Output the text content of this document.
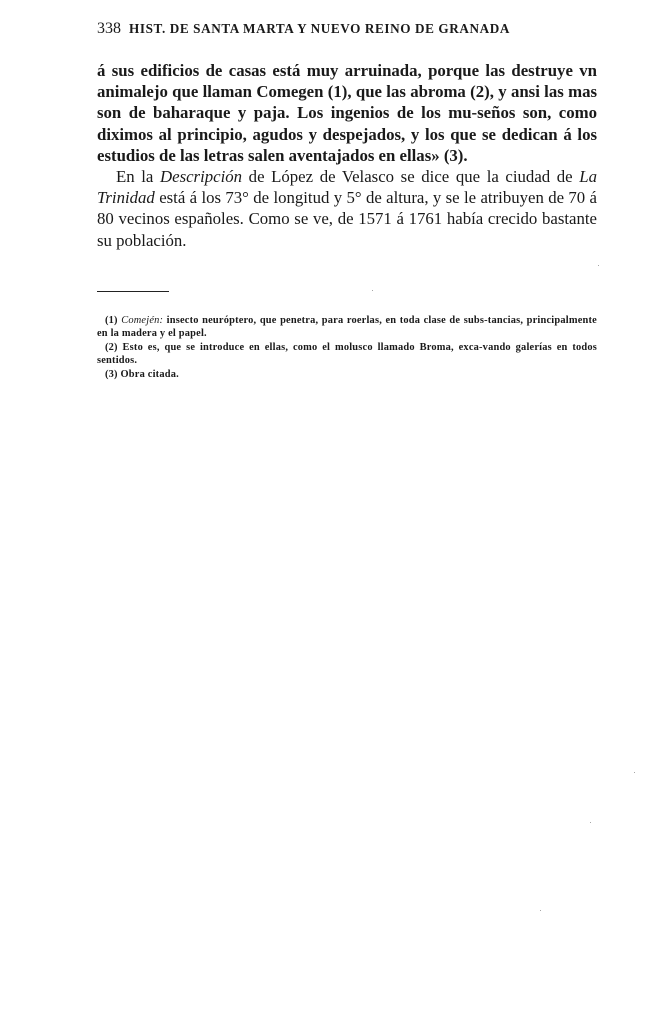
338 HIST. DE SANTA MARTA Y NUEVO REINO DE GRANADA

á sus edificios de casas está muy arruinada, porque las destruye vn animalejo que llaman Comegen (1), que las abroma (2), y ansi las mas son de baharaque y paja. Los ingenios de los mu-seños son, como diximos al principio, agudos y despejados, y los que se dedican á los estudios de las letras salen aventajados en ellas» (3).

En la Descripción de López de Velasco se dice que la ciudad de La Trinidad está á los 73° de longitud y 5° de altura, y se le atribuyen de 70 á 80 vecinos españoles. Como se ve, de 1571 á 1761 había crecido bastante su población.

(1) Comején: insecto neuróptero, que penetra, para roerlas, en toda clase de subs-tancias, principalmente en la madera y el papel.

(2) Esto es, que se introduce en ellas, como el molusco llamado Broma, exca-vando galerías en todos sentidos.

(3) Obra citada.
